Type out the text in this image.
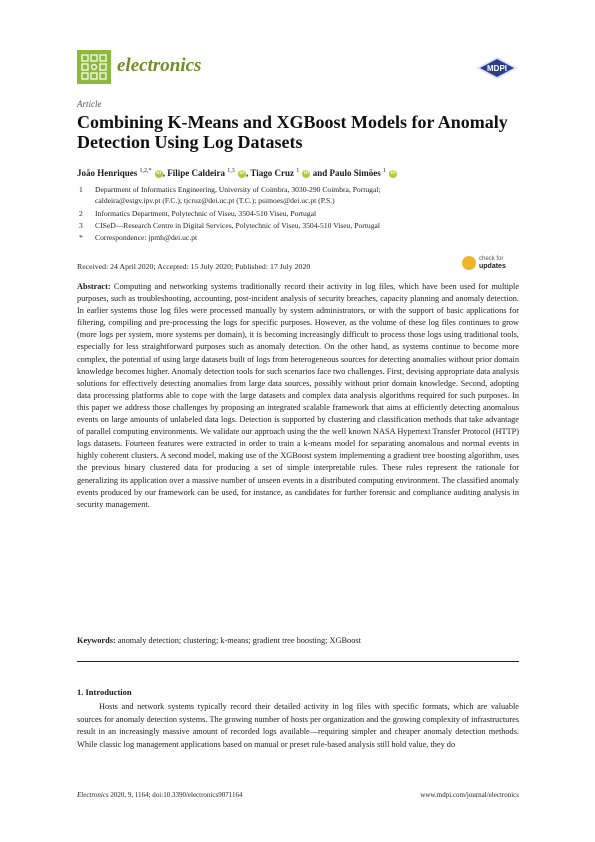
electronics	MDPI
Article
Combining K-Means and XGBoost Models for Anomaly Detection Using Log Datasets
João Henriques $^{1,2,*}$ iD , Filipe Caldeira $^{1,3}$ iD , Tiago Cruz $^1$ iD and Paulo Simões $^1$ iD
1	Department of Informatics Engineering, University of Coimbra, 3030-290 Coimbra, Portugal;
caldeira@estgv.ipv.pt (F.C.); tjcruz@dei.uc.pt (T.C.); psimoes@dei.uc.pt (P.S.)
2	Informatics Department, Polytechnic of Viseu, 3504-510 Viseu, Portugal
3	CISeD—Research Centre in Digital Services, Polytechnic of Viseu, 3504-510 Viseu, Portugal
*	Correspondence: jpmh@dei.uc.pt
Received: 24 April 2020; Accepted: 15 July 2020; Published: 17 July 2020
check for
updates
Abstract: Computing and networking systems traditionally record their activity in log files, which have been used for multiple purposes, such as troubleshooting, accounting, post-incident analysis of security breaches, capacity planning and anomaly detection. In earlier systems those log files were processed manually by system administrators, or with the support of basic applications for filtering, compiling and pre-processing the logs for specific purposes. However, as the volume of these log files continues to grow (more logs per system, more systems per domain), it is becoming increasingly difficult to process those logs using traditional tools, especially for less straightforward purposes such as anomaly detection. On the other hand, as systems continue to become more complex, the potential of using large datasets built of logs from heterogeneous sources for detecting anomalies without prior domain knowledge becomes higher. Anomaly detection tools for such scenarios face two challenges. First, devising appropriate data analysis solutions for effectively detecting anomalies from large data sources, possibly without prior domain knowledge. Second, adopting data processing platforms able to cope with the large datasets and complex data analysis algorithms required for such purposes. In this paper we address those challenges by proposing an integrated scalable framework that aims at efficiently detecting anomalous events on large amounts of unlabeled data logs. Detection is supported by clustering and classification methods that take advantage of parallel computing environments. We validate our approach using the the well known NASA Hypertext Transfer Protocol (HTTP) logs datasets. Fourteen features were extracted in order to train a k-means model for separating anomalous and normal events in highly coherent clusters. A second model, making use of the XGBoost system implementing a gradient tree boosting algorithm, uses the previous binary clustered data for producing a set of simple interpretable rules. These rules represent the rationale for generalizing its application over a massive number of unseen events in a distributed computing environment. The classified anomaly events produced by our framework can be used, for instance, as candidates for further forensic and compliance auditing analysis in security management.
Keywords: anomaly detection; clustering; k-means; gradient tree boosting; XGBoost
1. Introduction
Hosts and network systems typically record their detailed activity in log files with specific formats, which are valuable sources for anomaly detection systems. The growing number of hosts per organization and the growing complexity of infrastructures result in an increasingly massive amount of recorded logs available—requiring simpler and cheaper anomaly detection methods. While classic log management applications based on manual or preset rule-based analysis still hold value, they do
Electronics 2020, 9, 1164; doi:10.3390/electronics9071164	www.mdpi.com/journal/electronics
